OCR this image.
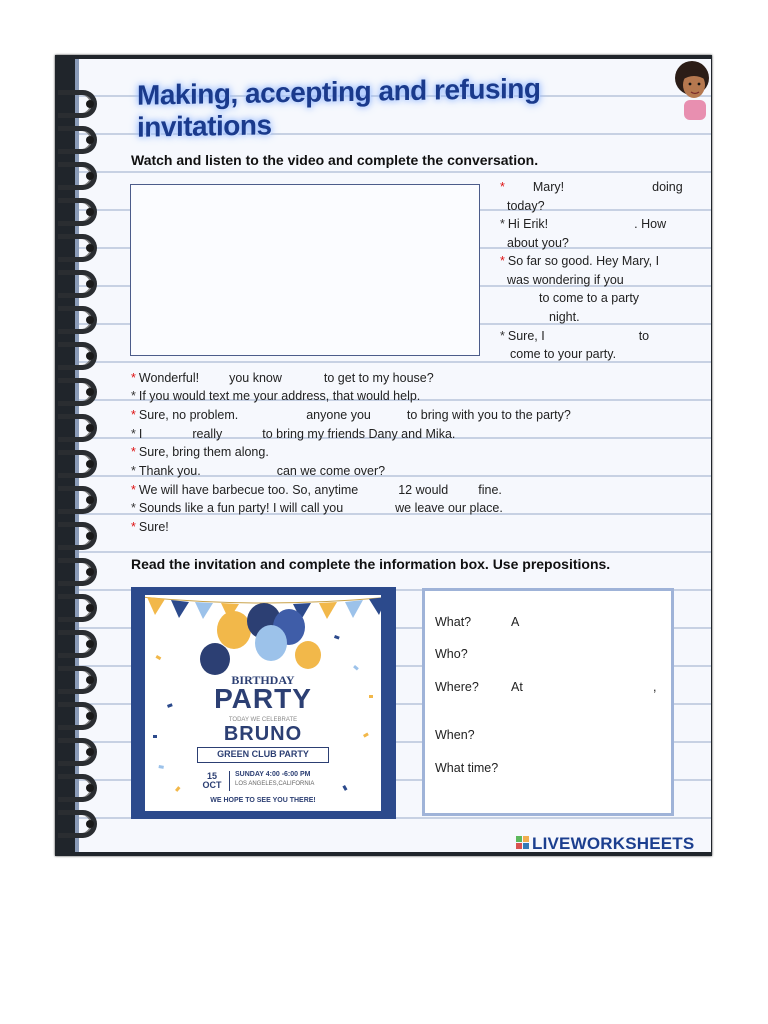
Making, accepting and refusing invitations
Watch and listen to the video and complete the conversation.
* Mary!	doing
today?
* Hi Erik!	. How
about you?
* So far so good. Hey Mary, I
was wondering if you
to come to a party
night.
* Sure, I	to
come to your party.
* Wonderful! you know	to get to my house?
* If you would text me your address, that would help.
* Sure, no problem.	anyone you	to bring with you to the party?
* I	really	to bring my friends Dany and Mika.
* Sure, bring them along.
* Thank you.	can we come over?
* We will have barbecue too. So, anytime	12 would fine.
* Sounds like a fun party! I will call you	we leave our place.
* Sure!
Read the invitation and complete the information box. Use prepositions.
BIRTHDAY
PARTY
TODAY WE CELEBRATE
BRUNO
GREEN CLUB PARTY
15
OCT
SUNDAY 4:00 -6:00 PM
LOS ANGELES,CALIFORNIA
WE HOPE TO SEE YOU THERE!
What?	A
Who?
Where?	At	,
When?
What time?
LIVEWORKSHEETS
